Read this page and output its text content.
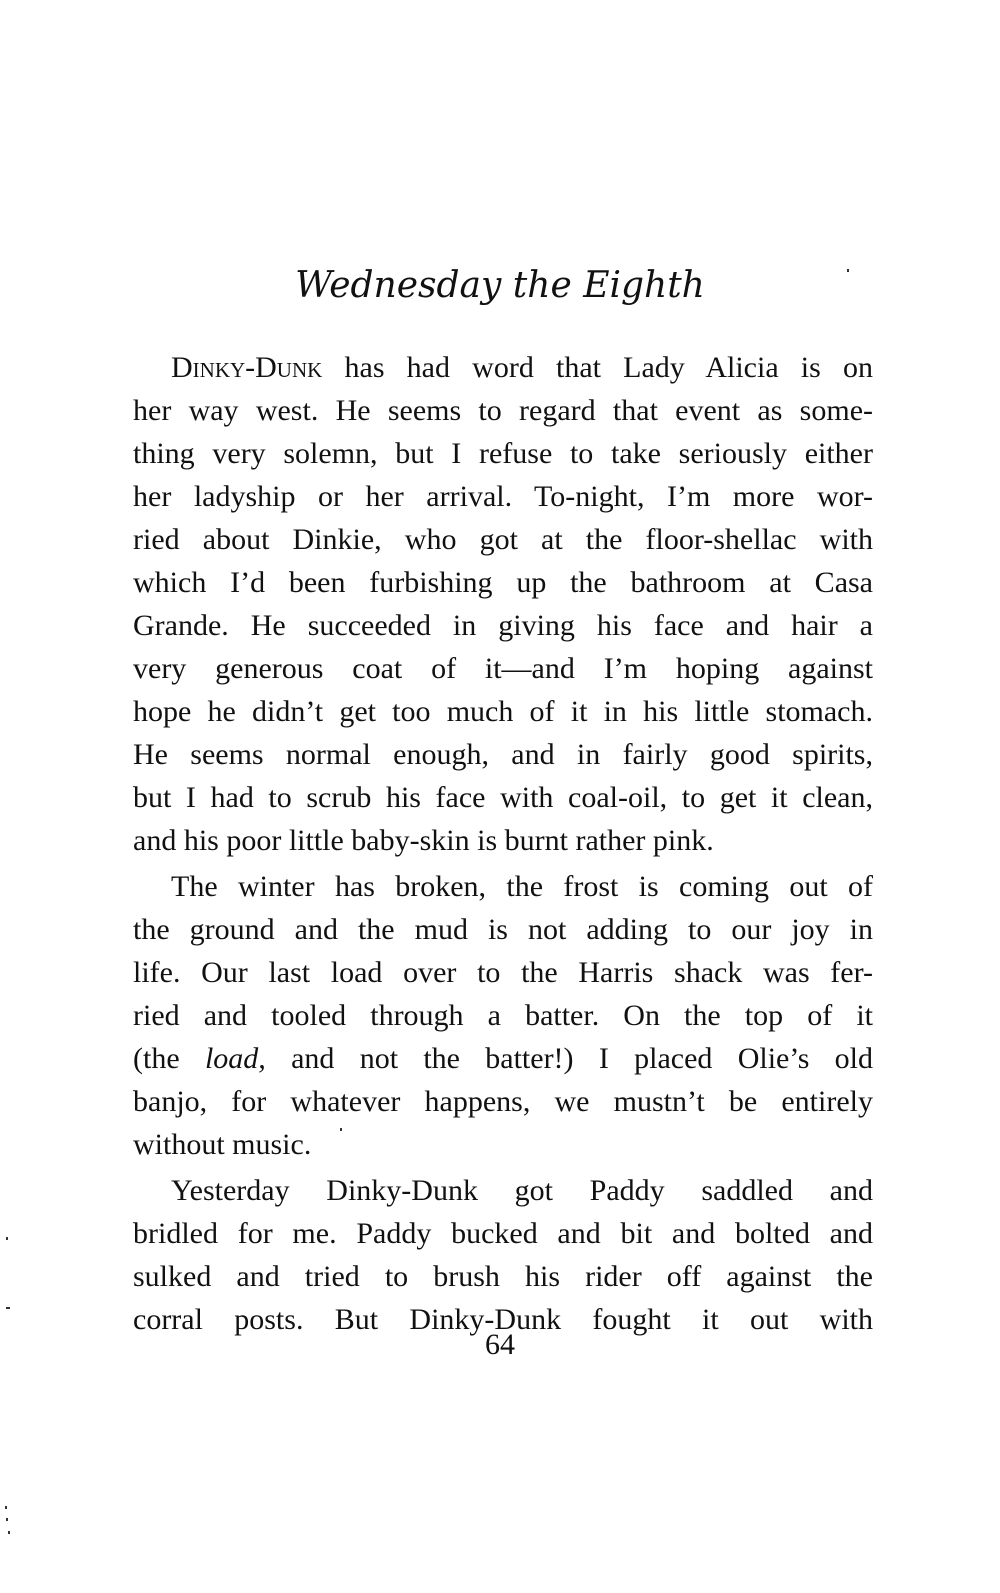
Wednesday the Eighth
Dinky-Dunk has had word that Lady Alicia is on
her way west. He seems to regard that event as some-
thing very solemn, but I refuse to take seriously either
her ladyship or her arrival. To-night, I’m more wor-
ried about Dinkie, who got at the floor-shellac with
which I’d been furbishing up the bathroom at Casa
Grande. He succeeded in giving his face and hair a
very generous coat of it—and I’m hoping against
hope he didn’t get too much of it in his little stomach.
He seems normal enough, and in fairly good spirits,
but I had to scrub his face with coal-oil, to get it clean,
and his poor little baby-skin is burnt rather pink.
The winter has broken, the frost is coming out of
the ground and the mud is not adding to our joy in
life. Our last load over to the Harris shack was fer-
ried and tooled through a batter. On the top of it
(the load, and not the batter!) I placed Olie’s old
banjo, for whatever happens, we mustn’t be entirely
without music.
Yesterday Dinky-Dunk got Paddy saddled and
bridled for me. Paddy bucked and bit and bolted and
sulked and tried to brush his rider off against the
corral posts. But Dinky-Dunk fought it out with
64
